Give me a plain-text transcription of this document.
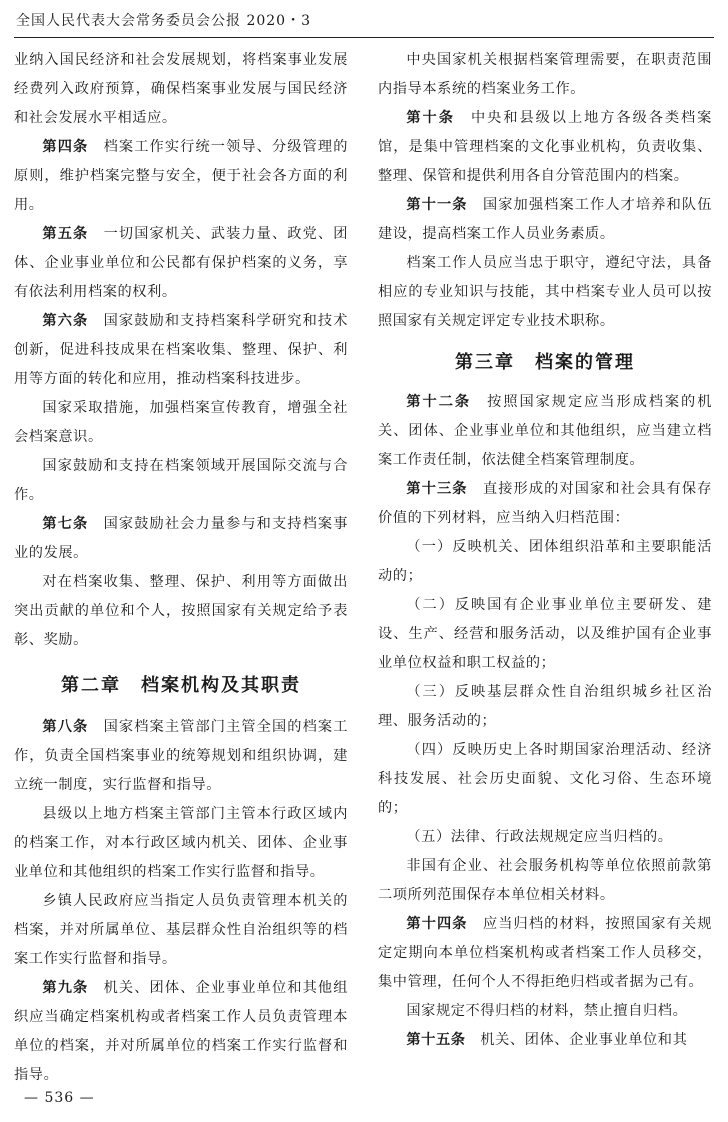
全国人民代表大会常务委员会公报 2020・3

业纳入国民经济和社会发展规划，将档案事业发展经费列入政府预算，确保档案事业发展与国民经济和社会发展水平相适应。

第四条　 档案工作实行统一领导、分级管理的原则，维护档案完整与安全，便于社会各方面的利用。

第五条　 一切国家机关、武装力量、政党、团体、企业事业单位和公民都有保护档案的义务，享有依法利用档案的权利。

第六条　 国家鼓励和支持档案科学研究和技术创新，促进科技成果在档案收集、整理、保护、利用等方面的转化和应用，推动档案科技进步。

国家采取措施，加强档案宣传教育，增强全社会档案意识。

国家鼓励和支持在档案领域开展国际交流与合作。

第七条　 国家鼓励社会力量参与和支持档案事业的发展。

对在档案收集、整理、保护、利用等方面做出突出贡献的单位和个人，按照国家有关规定给予表彰、奖励。

第二章　档案机构及其职责

第八条　 国家档案主管部门主管全国的档案工作，负责全国档案事业的统筹规划和组织协调，建立统一制度，实行监督和指导。

县级以上地方档案主管部门主管本行政区域内的档案工作，对本行政区域内机关、团体、企业事业单位和其他组织的档案工作实行监督和指导。

乡镇人民政府应当指定人员负责管理本机关的档案，并对所属单位、基层群众性自治组织等的档案工作实行监督和指导。

第九条　 机关、团体、企业事业单位和其他组织应当确定档案机构或者档案工作人员负责管理本单位的档案，并对所属单位的档案工作实行监督和指导。

中央国家机关根据档案管理需要，在职责范围内指导本系统的档案业务工作。

第十条　 中央和县级以上地方各级各类档案馆，是集中管理档案的文化事业机构，负责收集、整理、保管和提供利用各自分管范围内的档案。

第十一条　 国家加强档案工作人才培养和队伍建设，提高档案工作人员业务素质。

档案工作人员应当忠于职守，遵纪守法，具备相应的专业知识与技能，其中档案专业人员可以按照国家有关规定评定专业技术职称。

第三章　档案的管理

第十二条　 按照国家规定应当形成档案的机关、团体、企业事业单位和其他组织，应当建立档案工作责任制，依法健全档案管理制度。

第十三条　 直接形成的对国家和社会具有保存价值的下列材料，应当纳入归档范围：

（一）反映机关、团体组织沿革和主要职能活动的；

（二）反映国有企业事业单位主要研发、建设、生产、经营和服务活动，以及维护国有企业事业单位权益和职工权益的；

（三）反映基层群众性自治组织城乡社区治理、服务活动的；

（四）反映历史上各时期国家治理活动、经济科技发展、社会历史面貌、文化习俗、生态环境的；

（五）法律、行政法规规定应当归档的。

非国有企业、社会服务机构等单位依照前款第二项所列范围保存本单位相关材料。

第十四条　 应当归档的材料，按照国家有关规定定期向本单位档案机构或者档案工作人员移交，集中管理，任何个人不得拒绝归档或者据为己有。

国家规定不得归档的材料，禁止擅自归档。

第十五条　 机关、团体、企业事业单位和其

— 536 —
